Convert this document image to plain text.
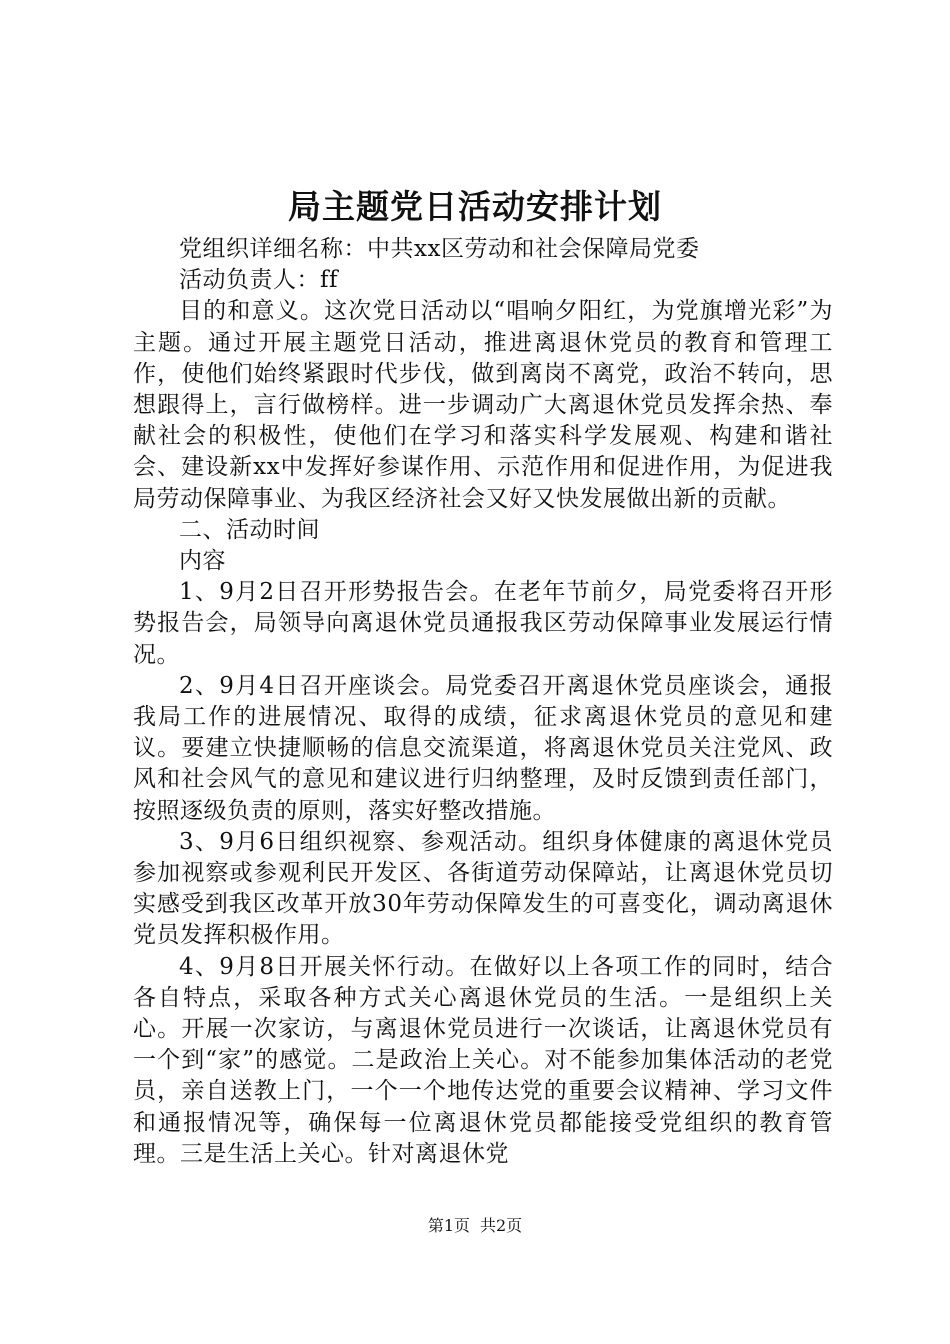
局主题党日活动安排计划

党组织详细名称：中共xx区劳动和社会保障局党委

活动负责人：ff

目的和意义。这次党日活动以“唱响夕阳红，为党旗增光彩”为主题。通过开展主题党日活动，推进离退休党员的教育和管理工作，使他们始终紧跟时代步伐，做到离岗不离党，政治不转向，思想跟得上，言行做榜样。进一步调动广大离退休党员发挥余热、奉献社会的积极性，使他们在学习和落实科学发展观、构建和谐社会、建设新xx中发挥好参谋作用、示范作用和促进作用，为促进我局劳动保障事业、为我区经济社会又好又快发展做出新的贡献。

二、活动时间

内容

1、9月2日召开形势报告会。在老年节前夕，局党委将召开形势报告会，局领导向离退休党员通报我区劳动保障事业发展运行情况。

2、9月4日召开座谈会。局党委召开离退休党员座谈会，通报我局工作的进展情况、取得的成绩，征求离退休党员的意见和建议。要建立快捷顺畅的信息交流渠道，将离退休党员关注党风、政风和社会风气的意见和建议进行归纳整理，及时反馈到责任部门，按照逐级负责的原则，落实好整改措施。

3、9月6日组织视察、参观活动。组织身体健康的离退休党员参加视察或参观利民开发区、各街道劳动保障站，让离退休党员切实感受到我区改革开放30年劳动保障发生的可喜变化，调动离退休党员发挥积极作用。

4、9月8日开展关怀行动。在做好以上各项工作的同时，结合各自特点，采取各种方式关心离退休党员的生活。一是组织上关心。开展一次家访，与离退休党员进行一次谈话，让离退休党员有一个到“家”的感觉。二是政治上关心。对不能参加集体活动的老党员，亲自送教上门，一个一个地传达党的重要会议精神、学习文件和通报情况等，确保每一位离退休党员都能接受党组织的教育管理。三是生活上关心。针对离退休党

第1页 共2页
